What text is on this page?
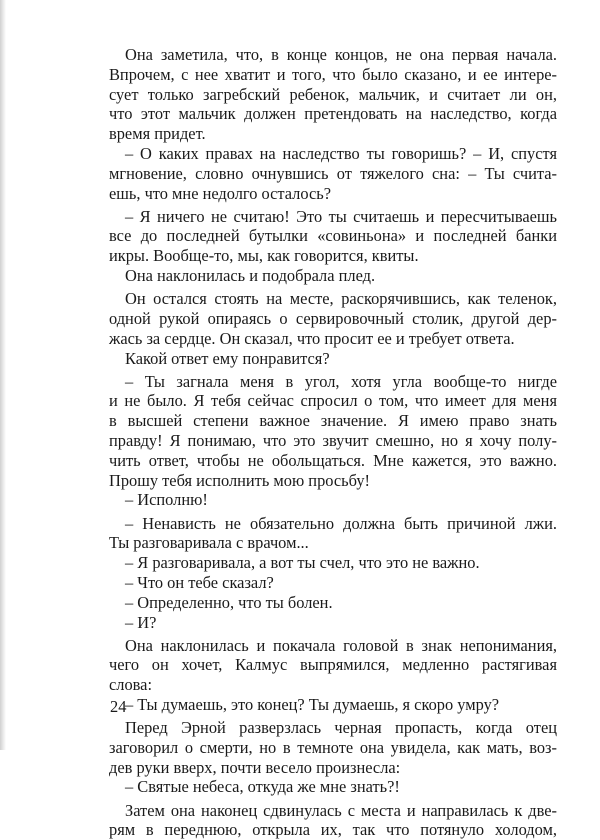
Она заметила, что, в конце концов, не она первая начала.
Впрочем, с нее хватит и того, что было сказано, и ее интере-
сует только загребский ребенок, мальчик, и считает ли он,
что этот мальчик должен претендовать на наследство, когда
время придет.
– О каких правах на наследство ты говоришь? – И, спустя
мгновение, словно очнувшись от тяжелого сна: – Ты счита-
ешь, что мне недолго осталось?
– Я ничего не считаю! Это ты считаешь и пересчитываешь
все до последней бутылки «совиньона» и последней банки
икры. Вообще-то, мы, как говорится, квиты.
Она наклонилась и подобрала плед.
Он остался стоять на месте, раскорячившись, как теленок,
одной рукой опираясь о сервировочный столик, другой дер-
жась за сердце. Он сказал, что просит ее и требует ответа.
Какой ответ ему понравится?
– Ты загнала меня в угол, хотя угла вообще-то нигде
и не было. Я тебя сейчас спросил о том, что имеет для меня
в высшей степени важное значение. Я имею право знать
правду! Я понимаю, что это звучит смешно, но я хочу полу-
чить ответ, чтобы не обольщаться. Мне кажется, это важно.
Прошу тебя исполнить мою просьбу!
– Исполню!
– Ненависть не обязательно должна быть причиной лжи.
Ты разговаривала с врачом...
– Я разговаривала, а вот ты счел, что это не важно.
– Что он тебе сказал?
– Определенно, что ты болен.
– И?
Она наклонилась и покачала головой в знак непонимания,
чего он хочет, Калмус выпрямился, медленно растягивая
слова:
– Ты думаешь, это конец? Ты думаешь, я скоро умру?
Перед Эрной разверзлась черная пропасть, когда отец
заговорил о смерти, но в темноте она увидела, как мать, воз-
дев руки вверх, почти весело произнесла:
– Святые небеса, откуда же мне знать?!
Затем она наконец сдвинулась с места и направилась к две-
рям в переднюю, открыла их, так что потянуло холодом,
24
